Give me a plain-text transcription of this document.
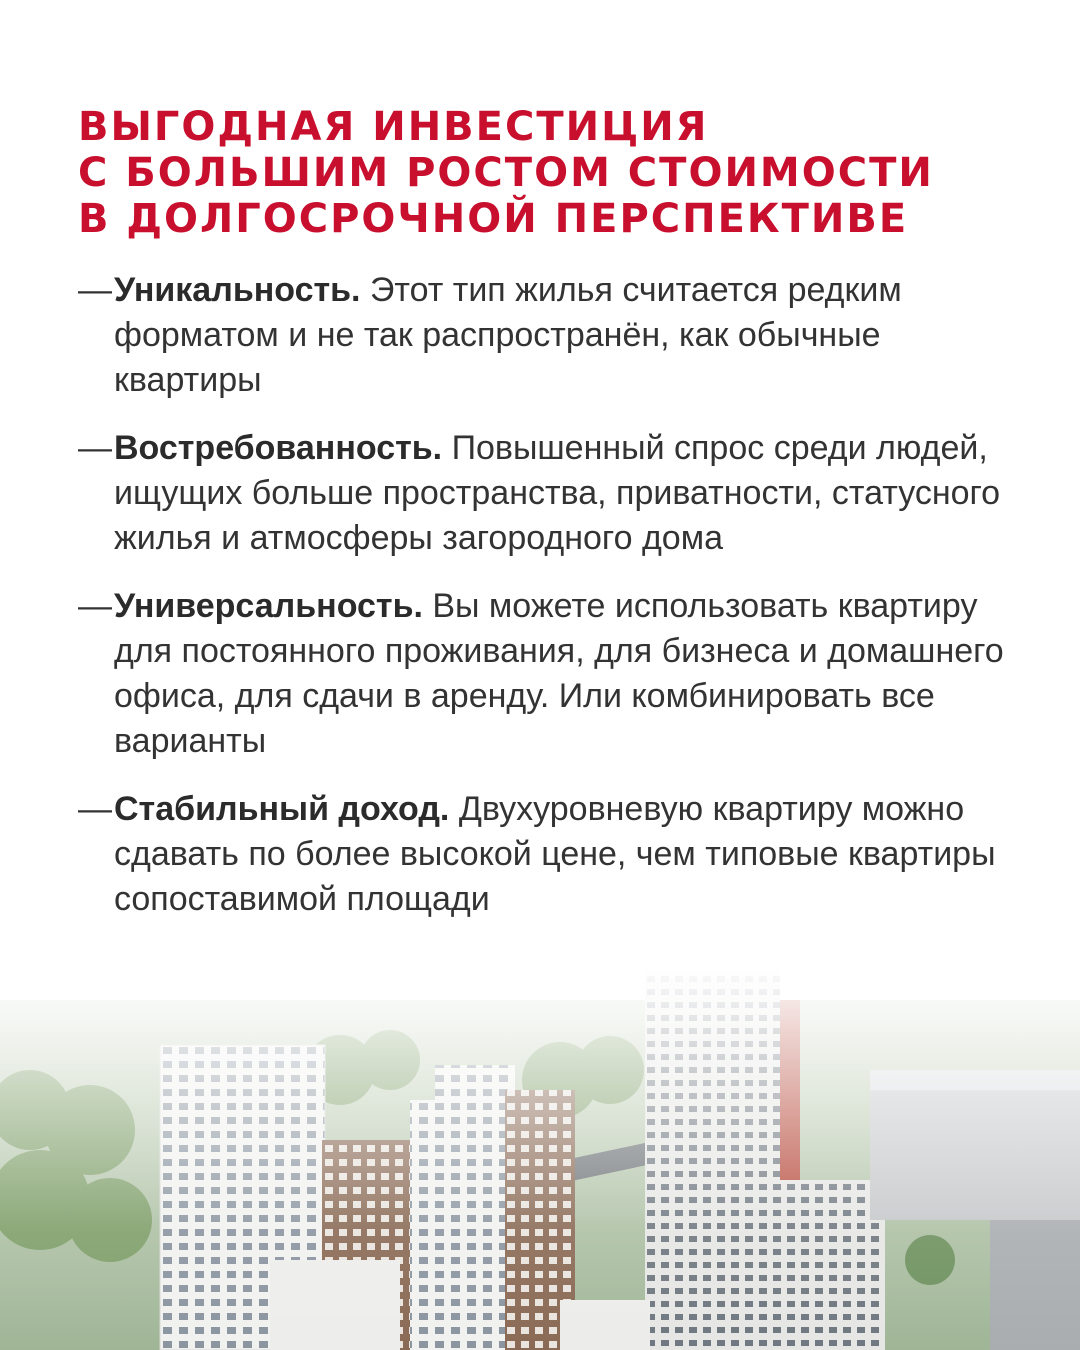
ВЫГОДНАЯ ИНВЕСТИЦИЯ
С БОЛЬШИМ РОСТОМ СТОИМОСТИ
В ДОЛГОСРОЧНОЙ ПЕРСПЕКТИВЕ
— Уникальность. Этот тип жилья считается редким форматом и не так распространён, как обычные квартиры
— Востребованность. Повышенный спрос среди людей, ищущих больше пространства, приватности, статусного жилья и атмосферы загородного дома
— Универсальность. Вы можете использовать квартиру для постоянного проживания, для бизнеса и домашнего офиса, для сдачи в аренду. Или комбинировать все варианты
— Стабильный доход. Двухуровневую квартиру можно сдавать по более высокой цене, чем типовые квартиры сопоставимой площади
